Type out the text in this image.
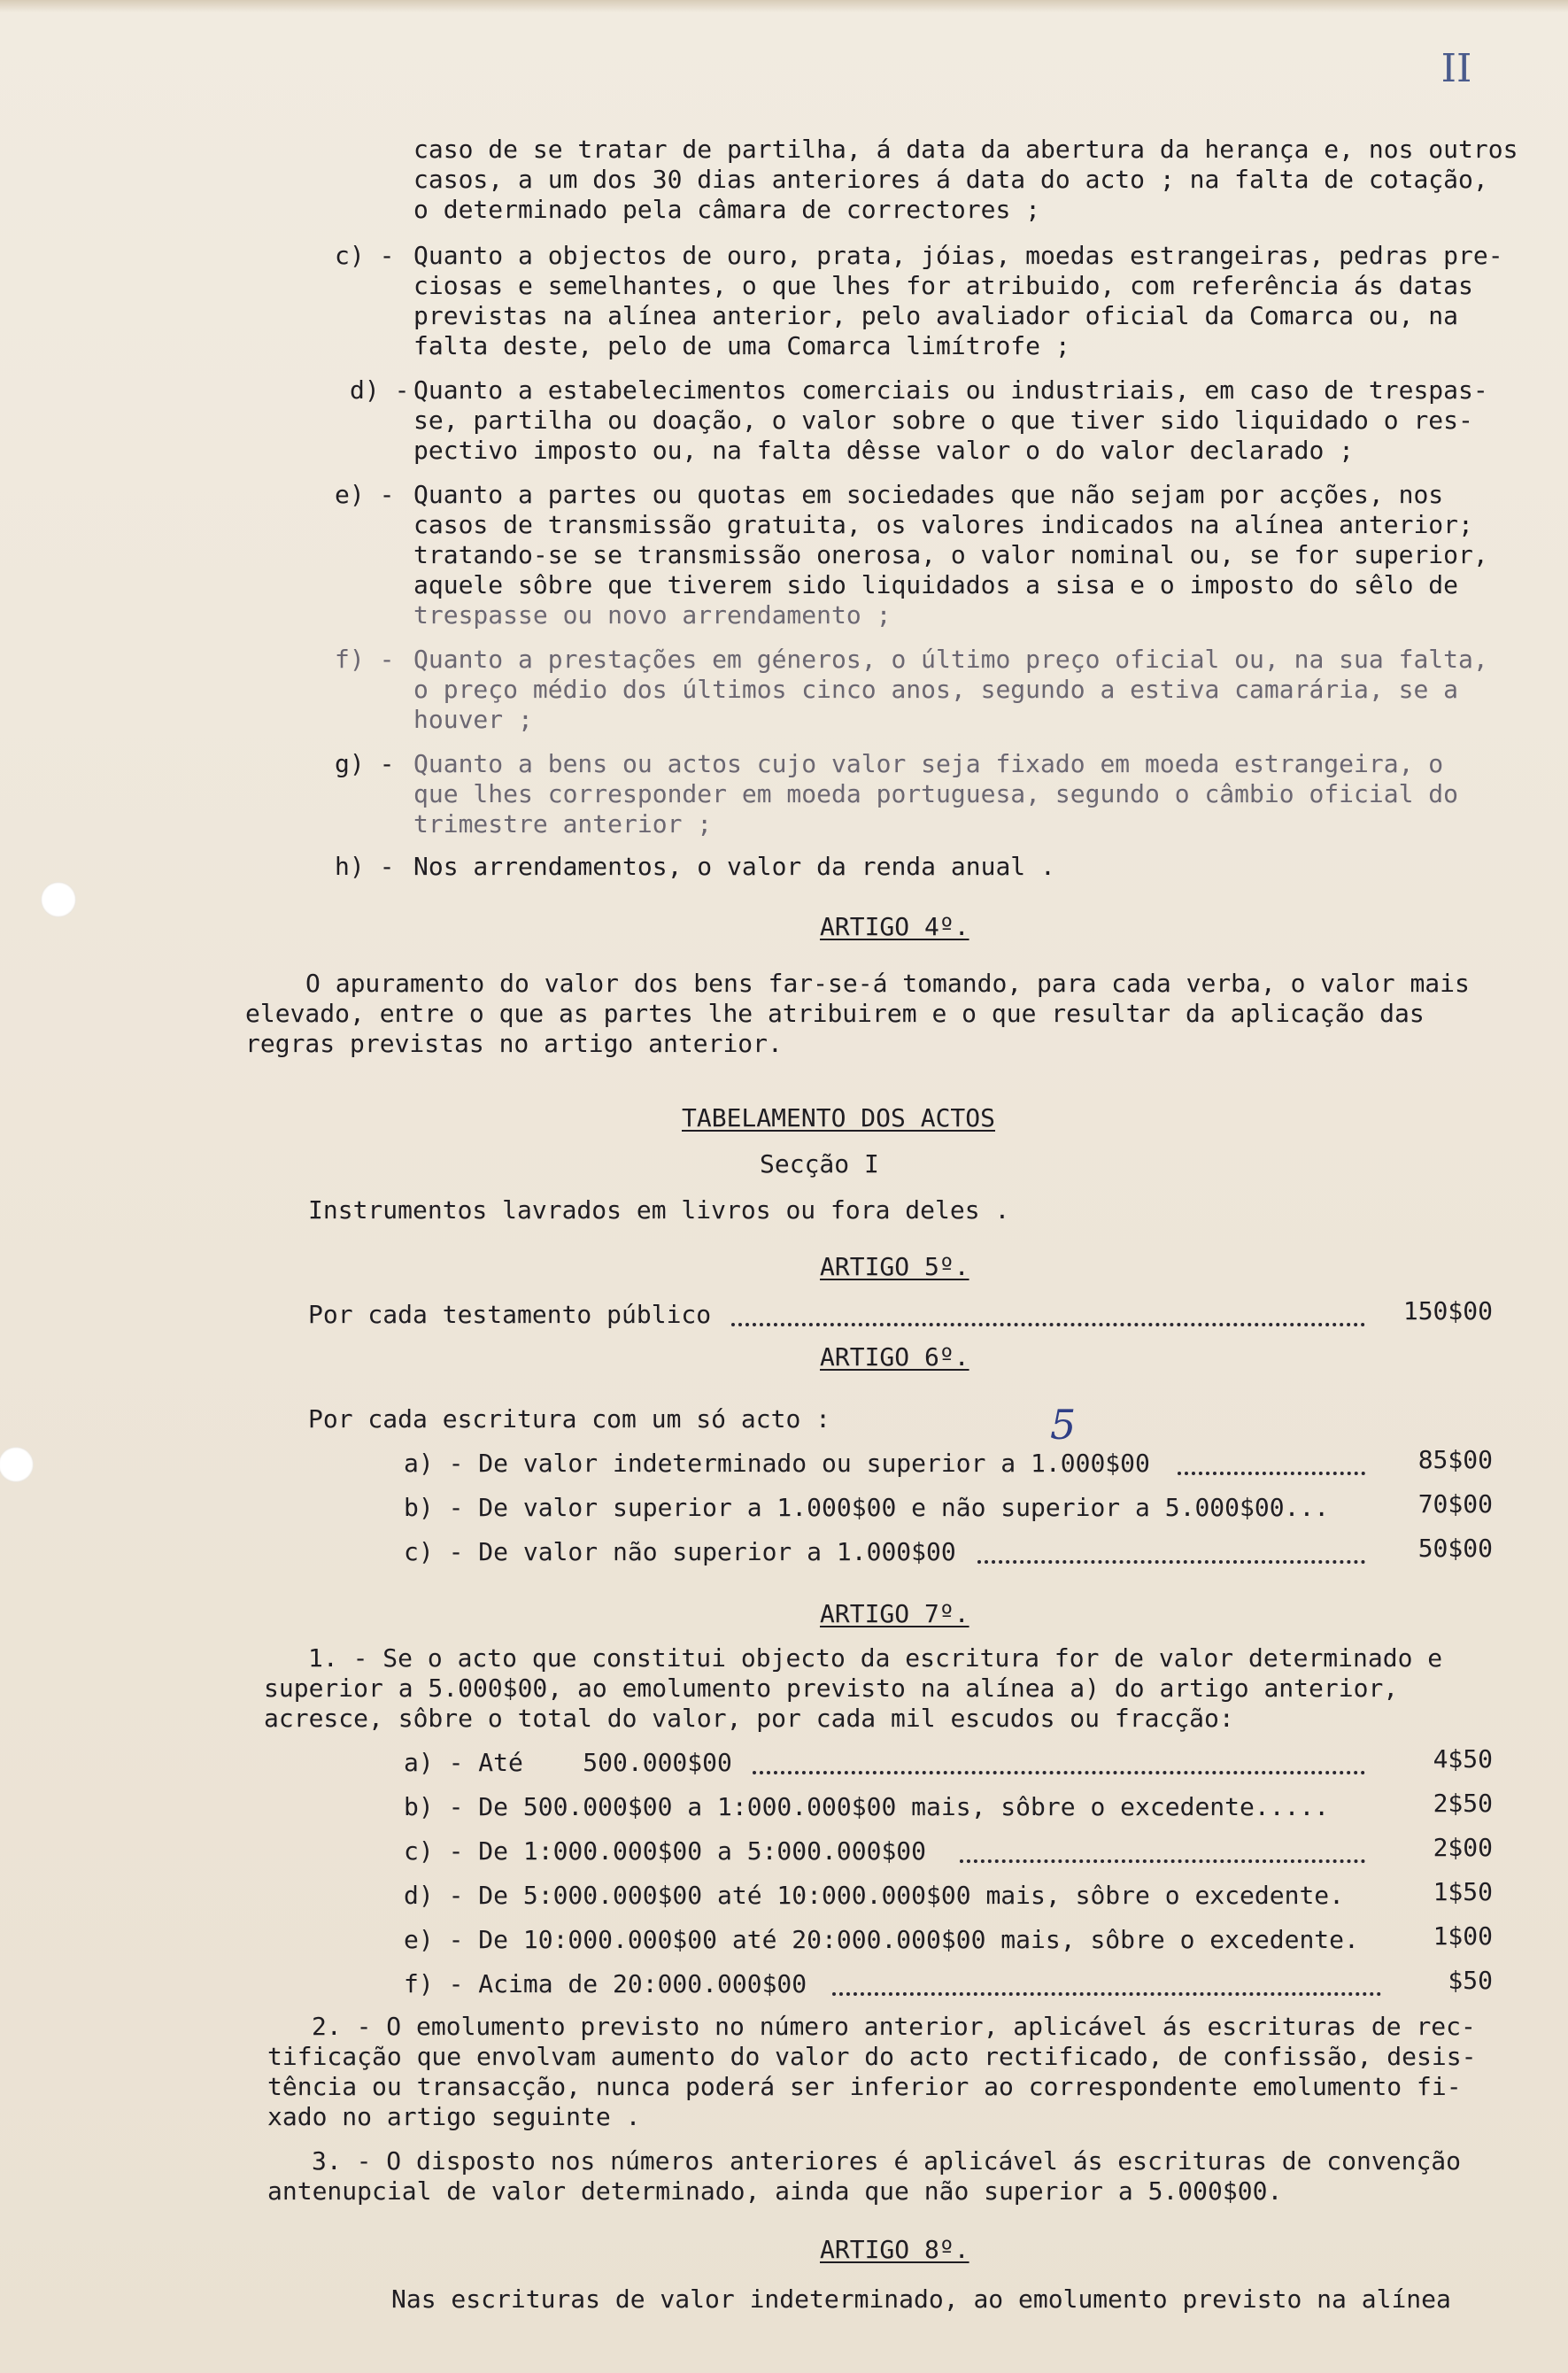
II

caso de se tratar de partilha, á data da abertura da herança e, nos outros

casos, a um dos 30 dias anteriores á data do acto ; na falta de cotação,

o determinado pela câmara de correctores ;

c) - Quanto a objectos de ouro, prata, jóias, moedas estrangeiras, pedras pre-

ciosas e semelhantes, o que lhes for atribuido, com referência ás datas

previstas na alínea anterior, pelo avaliador oficial da Comarca ou, na

falta deste, pelo de uma Comarca limítrofe ;

d) - Quanto a estabelecimentos comerciais ou industriais, em caso de trespas-

se, partilha ou doação, o valor sobre o que tiver sido liquidado o res-

pectivo imposto ou, na falta dêsse valor o do valor declarado ;

e) - Quanto a partes ou quotas em sociedades que não sejam por acções, nos

casos de transmissão gratuita, os valores indicados na alínea anterior;

tratando-se se transmissão onerosa, o valor nominal ou, se for superior,

aquele sôbre que tiverem sido liquidados a sisa e o imposto do sêlo de

trespasse ou novo arrendamento ;

f) - Quanto a prestações em géneros, o último preço oficial ou, na sua falta,

o preço médio dos últimos cinco anos, segundo a estiva camarária, se a

houver ;

g) - Quanto a bens ou actos cujo valor seja fixado em moeda estrangeira, o

que lhes corresponder em moeda portuguesa, segundo o câmbio oficial do

trimestre anterior ;

h) - Nos arrendamentos, o valor da renda anual .

ARTIGO 4º.

O apuramento do valor dos bens far-se-á tomando, para cada verba, o valor mais

elevado, entre o que as partes lhe atribuirem e o que resultar da aplicação das

regras previstas no artigo anterior.

TABELAMENTO DOS ACTOS

Secção I

Instrumentos lavrados em livros ou fora deles .

ARTIGO 5º.

Por cada testamento público	150$00
ARTIGO 6º.

Por cada escritura com um só acto :

a) - De valor indeterminado ou superior a 1.000$00	85$00
5

b) - De valor superior a 1.000$00 e não superior a 5.000$00...	70$00

c) - De valor não superior a 1.000$00	50$00
ARTIGO 7º.

1. - Se o acto que constitui objecto da escritura for de valor determinado e

superior a 5.000$00, ao emolumento previsto na alínea a) do artigo anterior,

acresce, sôbre o total do valor, por cada mil escudos ou fracção:

a) - Até    500.000$00	4$50

b) - De 500.000$00 a 1:000.000$00 mais, sôbre o excedente.....	2$50

c) - De 1:000.000$00 a 5:000.000$00	2$00

d) - De 5:000.000$00 até 10:000.000$00 mais, sôbre o excedente.	1$50

e) - De 10:000.000$00 até 20:000.000$00 mais, sôbre o excedente.	1$00

f) - Acima de 20:000.000$00	$50

2. - O emolumento previsto no número anterior, aplicável ás escrituras de rec-

tificação que envolvam aumento do valor do acto rectificado, de confissão, desis-

tência ou transacção, nunca poderá ser inferior ao correspondente emolumento fi-

xado no artigo seguinte .

3. - O disposto nos números anteriores é aplicável ás escrituras de convenção

antenupcial de valor determinado, ainda que não superior a 5.000$00.

ARTIGO 8º.

Nas escrituras de valor indeterminado, ao emolumento previsto na alínea
